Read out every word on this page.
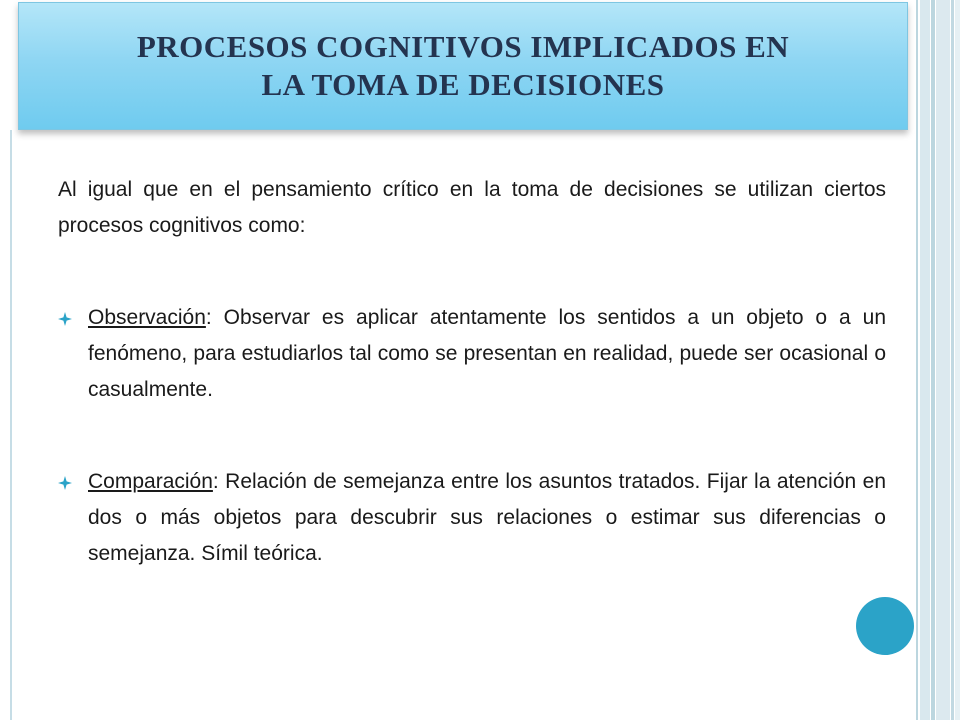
PROCESOS COGNITIVOS IMPLICADOS EN
LA TOMA DE DECISIONES

Al igual que en el pensamiento crítico en la toma de decisiones se utilizan ciertos procesos cognitivos como:

Observación: Observar es aplicar atentamente los sentidos a un objeto o a un fenómeno, para estudiarlos tal como se presentan en realidad, puede ser ocasional o casualmente.
Comparación: Relación de semejanza entre los asuntos tratados. Fijar la atención en dos o más objetos para descubrir sus relaciones o estimar sus diferencias o semejanza. Símil teórica.
